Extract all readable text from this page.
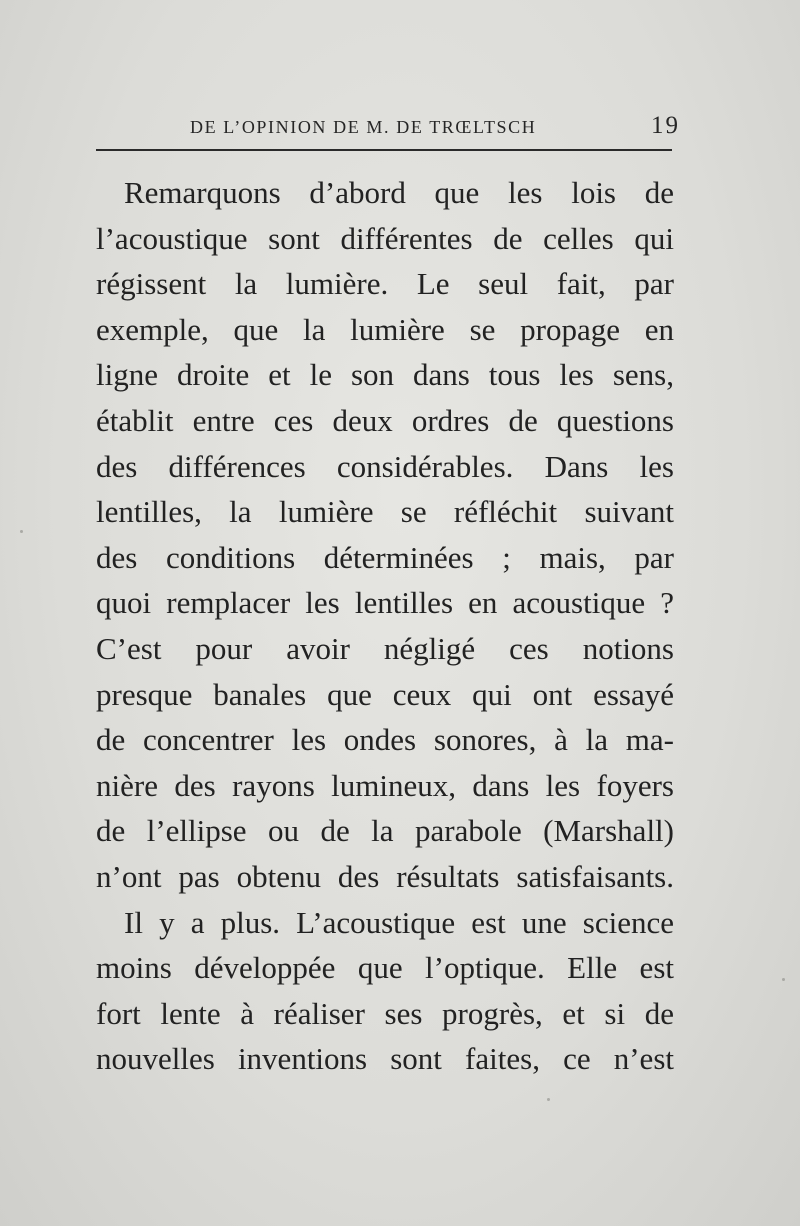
DE L’OPINION DE M. DE TRŒLTSCH	19
Remarquons d’abord que les lois de
l’acoustique sont différentes de celles qui
régissent la lumière. Le seul fait, par
exemple, que la lumière se propage en
ligne droite et le son dans tous les sens,
établit entre ces deux ordres de questions
des différences considérables. Dans les
lentilles, la lumière se réfléchit suivant
des conditions déterminées ; mais, par
quoi remplacer les lentilles en acoustique ?
C’est pour avoir négligé ces notions
presque banales que ceux qui ont essayé
de concentrer les ondes sonores, à la ma-
nière des rayons lumineux, dans les foyers
de l’ellipse ou de la parabole (Marshall)
n’ont pas obtenu des résultats satisfaisants.
Il y a plus. L’acoustique est une science
moins développée que l’optique. Elle est
fort lente à réaliser ses progrès, et si de
nouvelles inventions sont faites, ce n’est
